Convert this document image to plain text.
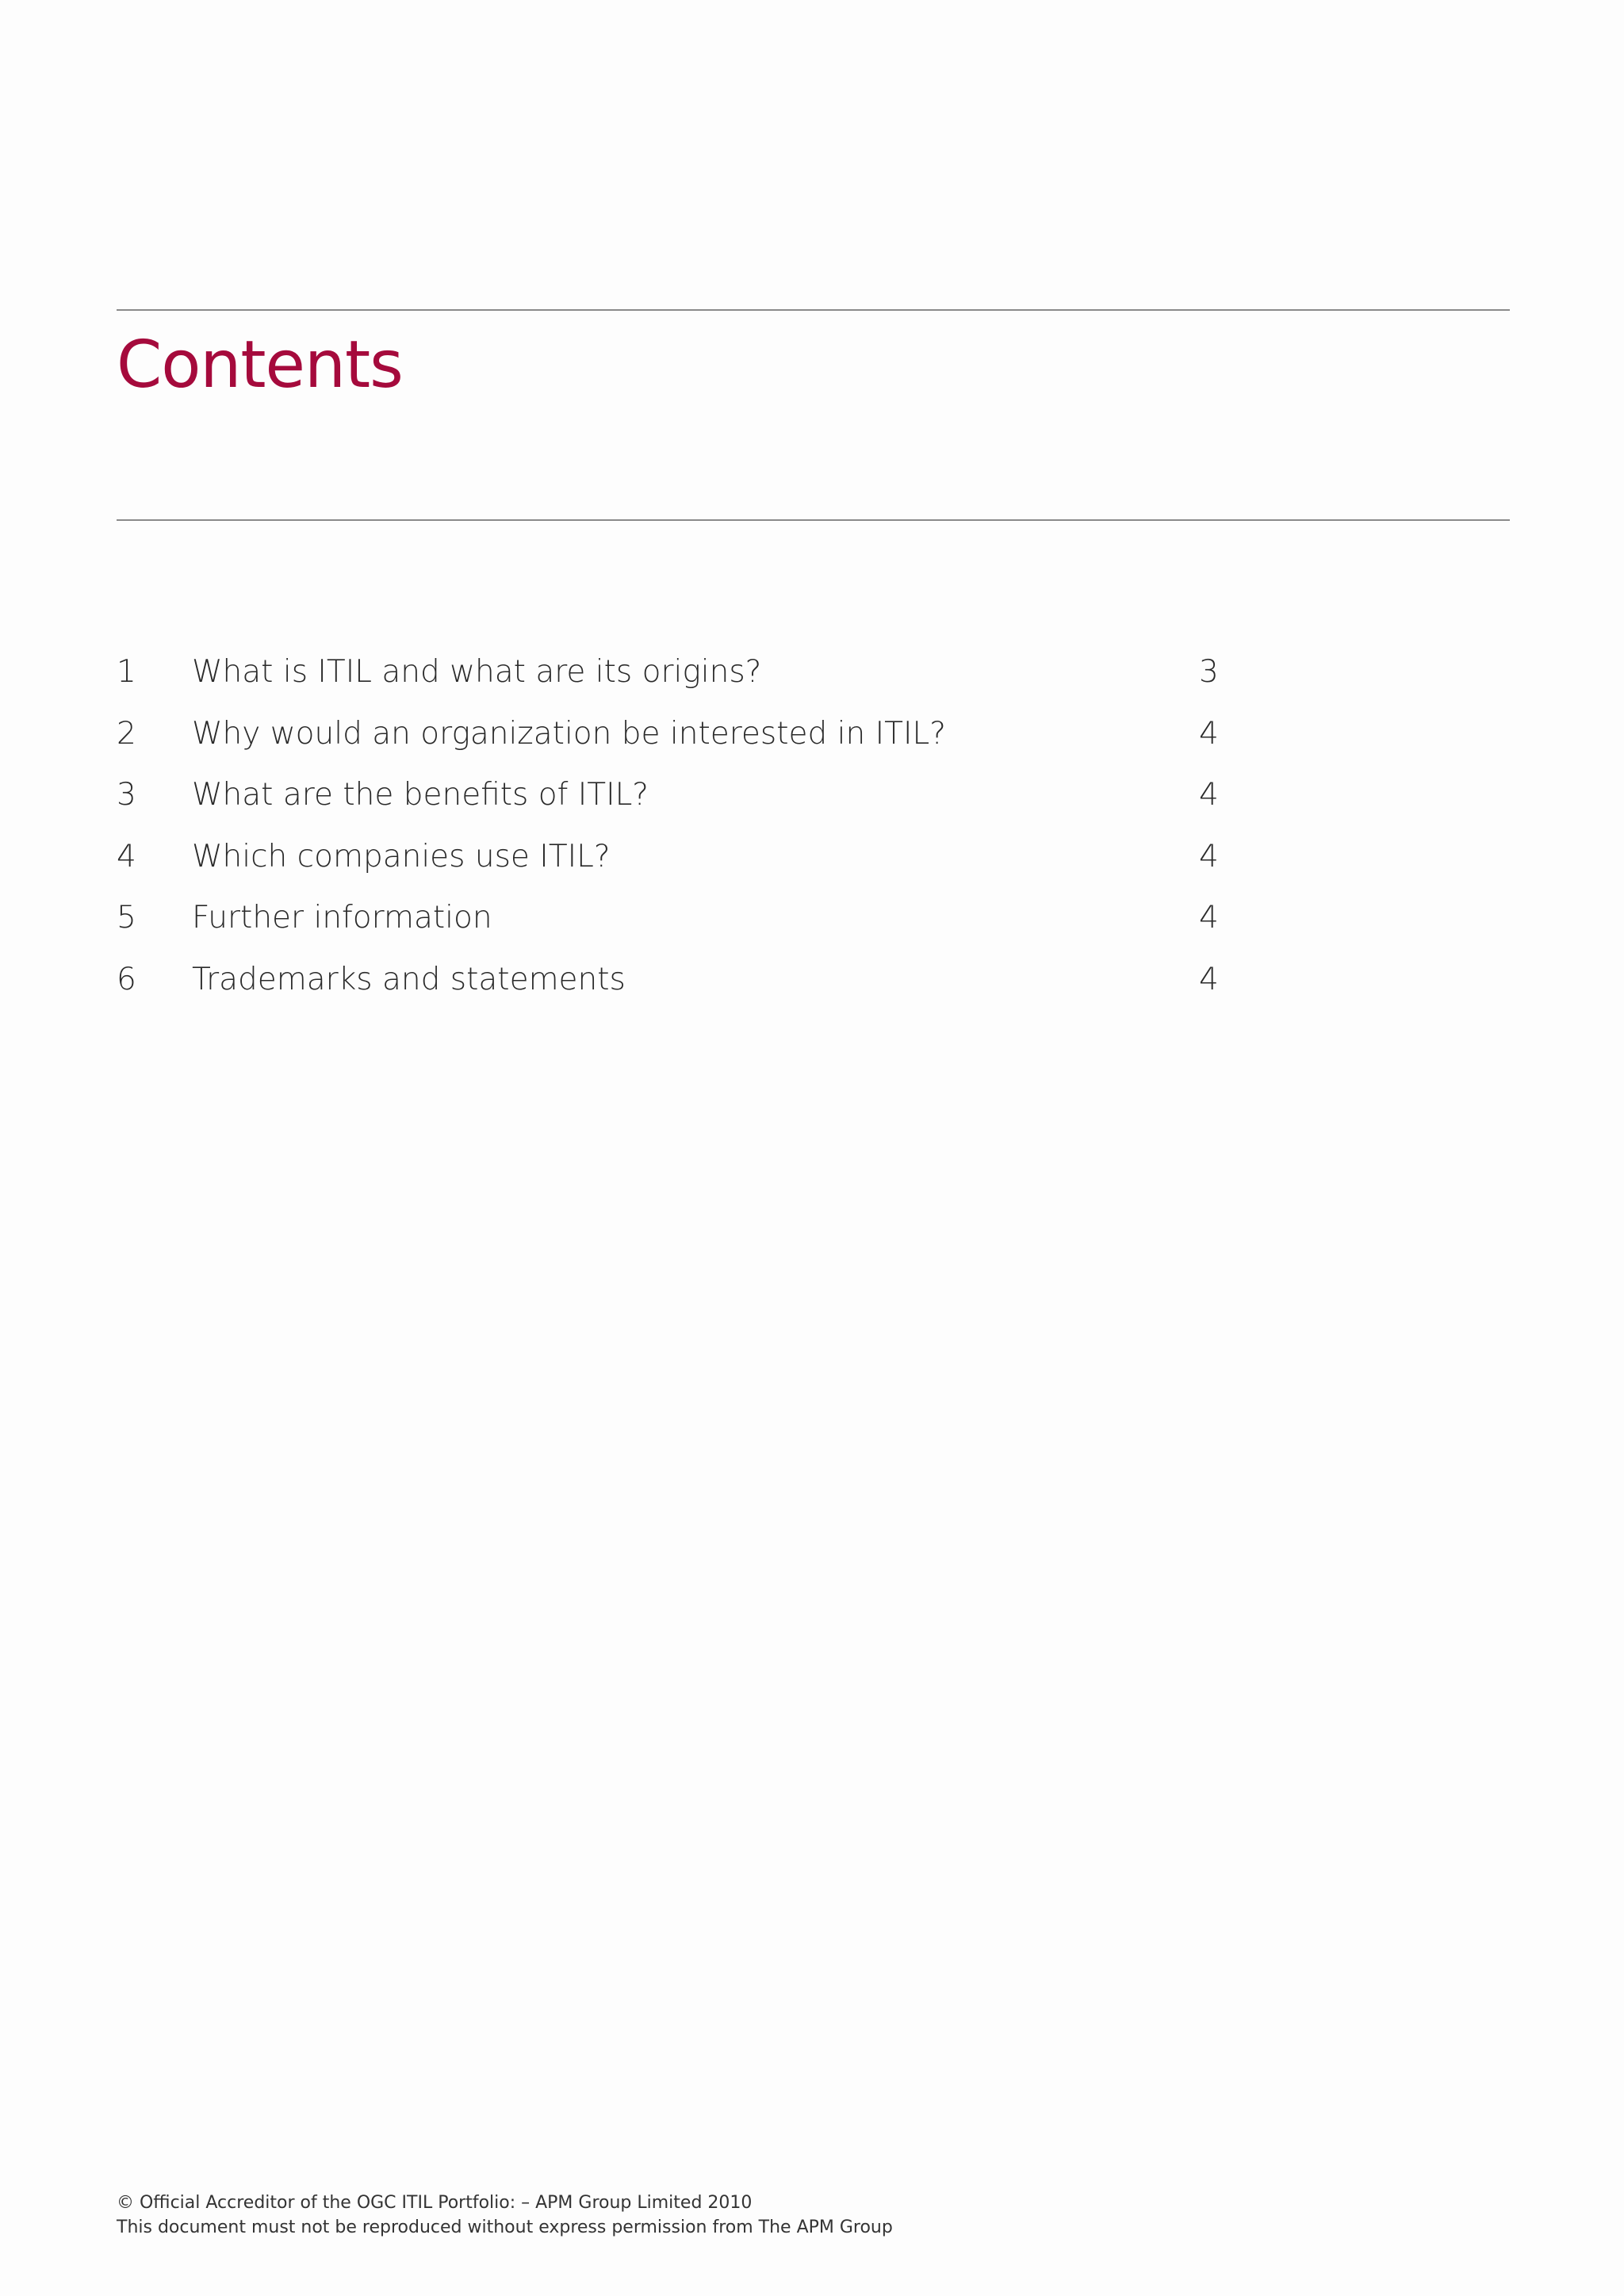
Contents
1 What is ITIL and what are its origins?	3
2 Why would an organization be interested in ITIL?	4
3 What are the benefits of ITIL?	4
4 Which companies use ITIL?	4
5 Further information	4
6 Trademarks and statements	4
© Official Accreditor of the OGC ITIL Portfolio: – APM Group Limited 2010
This document must not be reproduced without express permission from The APM Group
